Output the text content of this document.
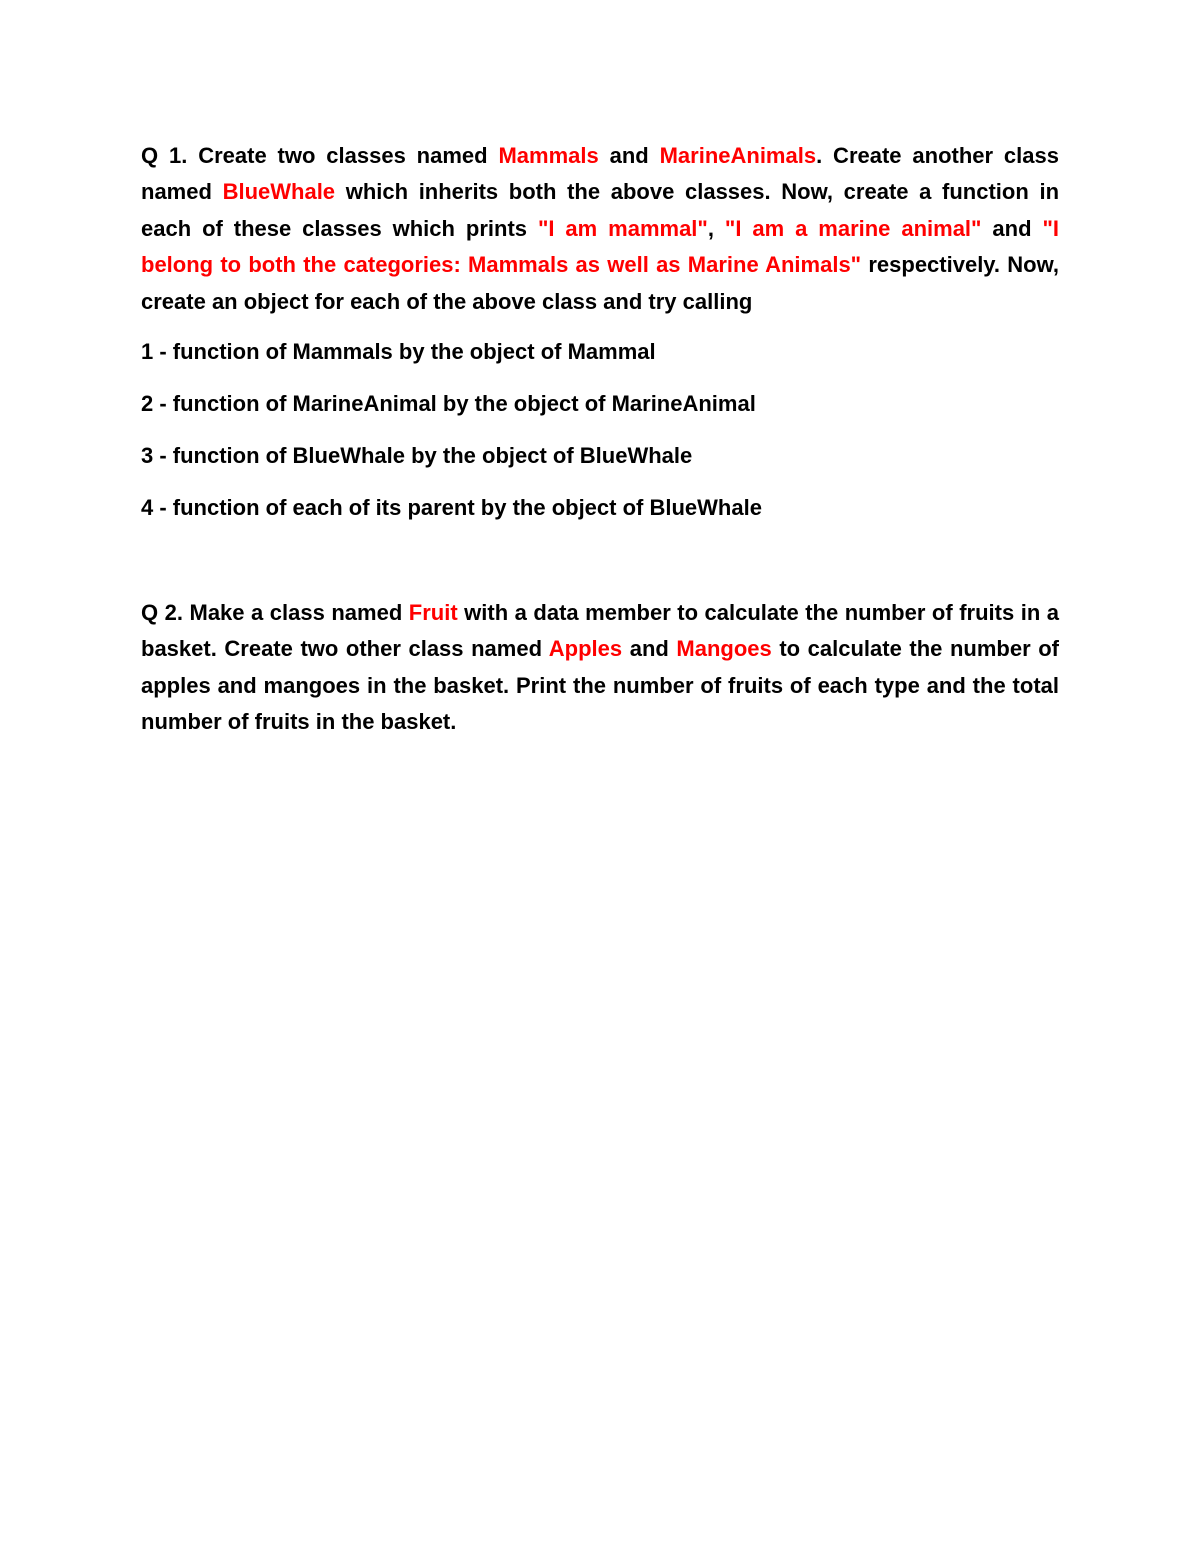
Q 1. Create two classes named Mammals and MarineAnimals. Create another class named BlueWhale which inherits both the above classes. Now, create a function in each of these classes which prints "I am mammal", "I am a marine animal" and "I belong to both the categories: Mammals as well as Marine Animals" respectively. Now, create an object for each of the above class and try calling

1 - function of Mammals by the object of Mammal

2 - function of MarineAnimal by the object of MarineAnimal

3 - function of BlueWhale by the object of BlueWhale

4 - function of each of its parent by the object of BlueWhale

Q 2. Make a class named Fruit with a data member to calculate the number of fruits in a basket. Create two other class named Apples and Mangoes to calculate the number of apples and mangoes in the basket. Print the number of fruits of each type and the total number of fruits in the basket.
